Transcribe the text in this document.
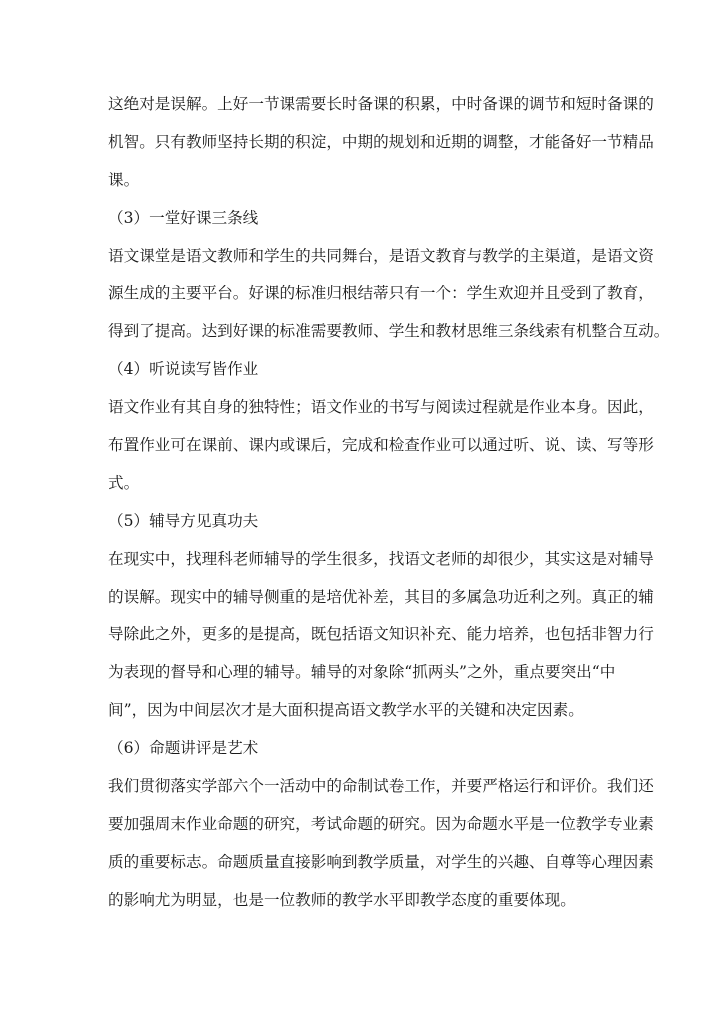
这绝对是误解。上好一节课需要长时备课的积累，中时备课的调节和短时备课的
机智。只有教师坚持长期的积淀，中期的规划和近期的调整，才能备好一节精品
课。
（3）一堂好课三条线
语文课堂是语文教师和学生的共同舞台，是语文教育与教学的主渠道，是语文资
源生成的主要平台。好课的标准归根结蒂只有一个：学生欢迎并且受到了教育，
得到了提高。达到好课的标准需要教师、学生和教材思维三条线索有机整合互动。
（4）听说读写皆作业
语文作业有其自身的独特性；语文作业的书写与阅读过程就是作业本身。因此，
布置作业可在课前、课内或课后，完成和检查作业可以通过听、说、读、写等形
式。
（5）辅导方见真功夫
在现实中，找理科老师辅导的学生很多，找语文老师的却很少，其实这是对辅导
的误解。现实中的辅导侧重的是培优补差，其目的多属急功近利之列。真正的辅
导除此之外，更多的是提高，既包括语文知识补充、能力培养，也包括非智力行
为表现的督导和心理的辅导。辅导的对象除“抓两头”之外，重点要突出“中
间”，因为中间层次才是大面积提高语文教学水平的关键和决定因素。
（6）命题讲评是艺术
我们贯彻落实学部六个一活动中的命制试卷工作，并要严格运行和评价。我们还
要加强周末作业命题的研究，考试命题的研究。因为命题水平是一位教学专业素
质的重要标志。命题质量直接影响到教学质量，对学生的兴趣、自尊等心理因素
的影响尤为明显，也是一位教师的教学水平即教学态度的重要体现。
